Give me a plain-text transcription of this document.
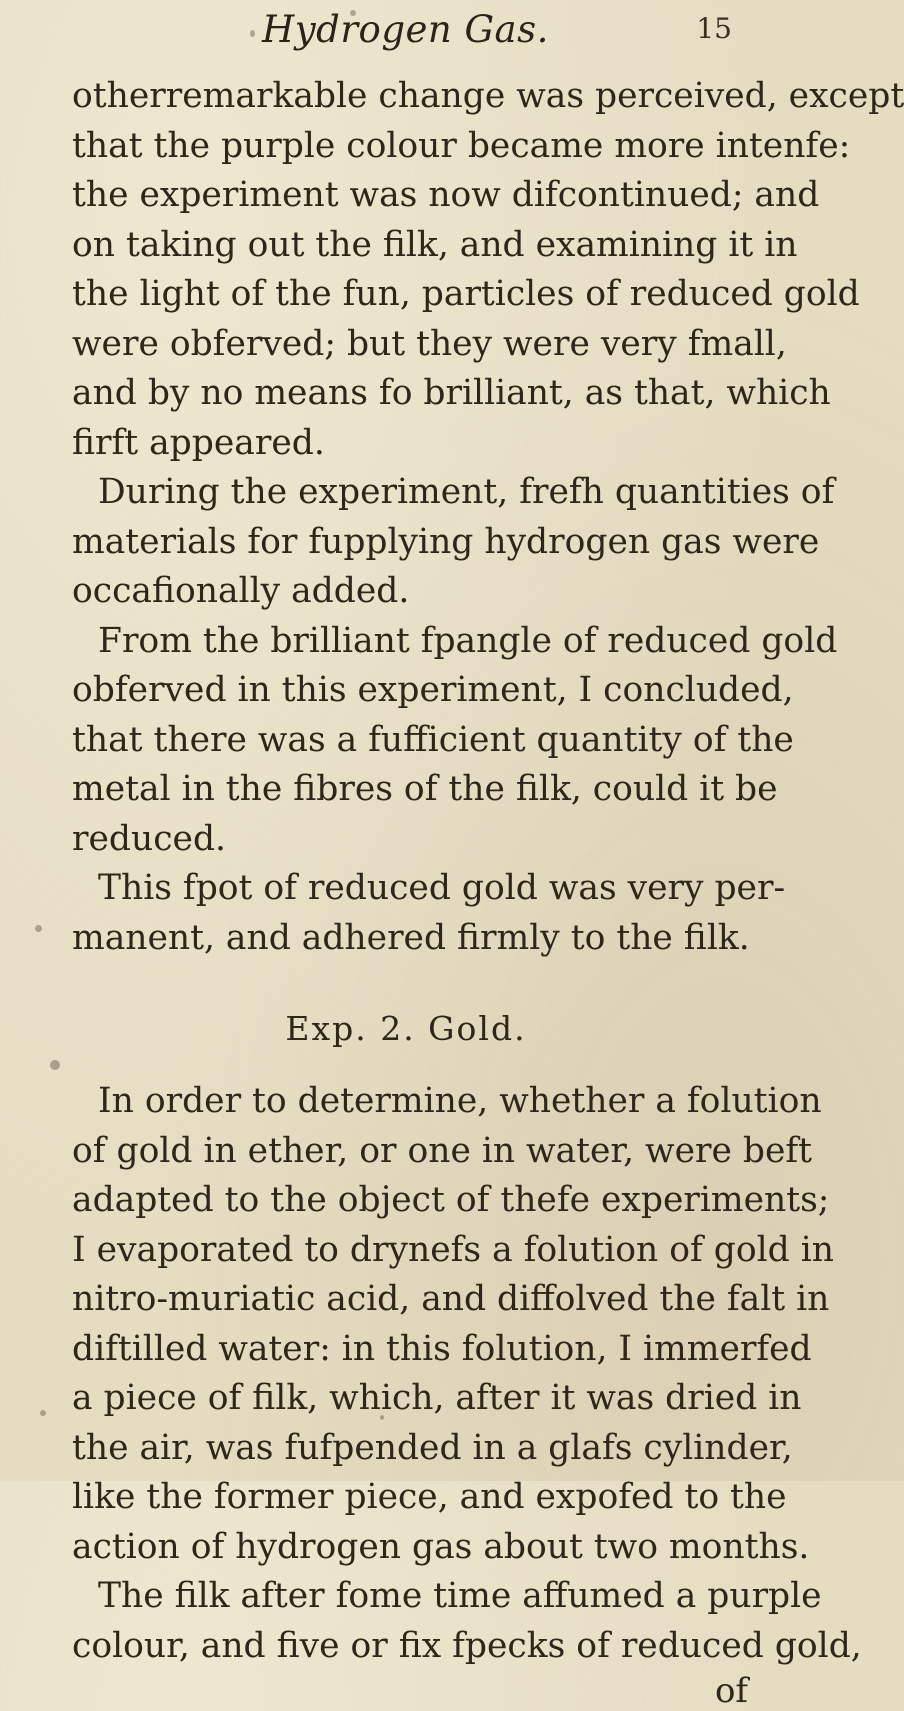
Hydrogen Gas.	15
otherremarkable change was perceived, except
that the purple colour became more intenfe:
the experiment was now difcontinued; and
on taking out the filk, and examining it in
the light of the fun, particles of reduced gold
were obferved; but they were very fmall,
and by no means fo brilliant, as that, which
firft appeared.
During the experiment, frefh quantities of
materials for fupplying hydrogen gas were
occafionally added.
From the brilliant fpangle of reduced gold
obferved in this experiment, I concluded,
that there was a fufficient quantity of the
metal in the fibres of the filk, could it be
reduced.
This fpot of reduced gold was very per-
manent, and adhered firmly to the filk.
Exp. 2. Gold.
In order to determine, whether a folution
of gold in ether, or one in water, were beft
adapted to the object of thefe experiments;
I evaporated to drynefs a folution of gold in
nitro-muriatic acid, and diffolved the falt in
diftilled water: in this folution, I immerfed
a piece of filk, which, after it was dried in
the air, was fufpended in a glafs cylinder,
like the former piece, and expofed to the
action of hydrogen gas about two months.
The filk after fome time affumed a purple
colour, and five or fix fpecks of reduced gold,
of
